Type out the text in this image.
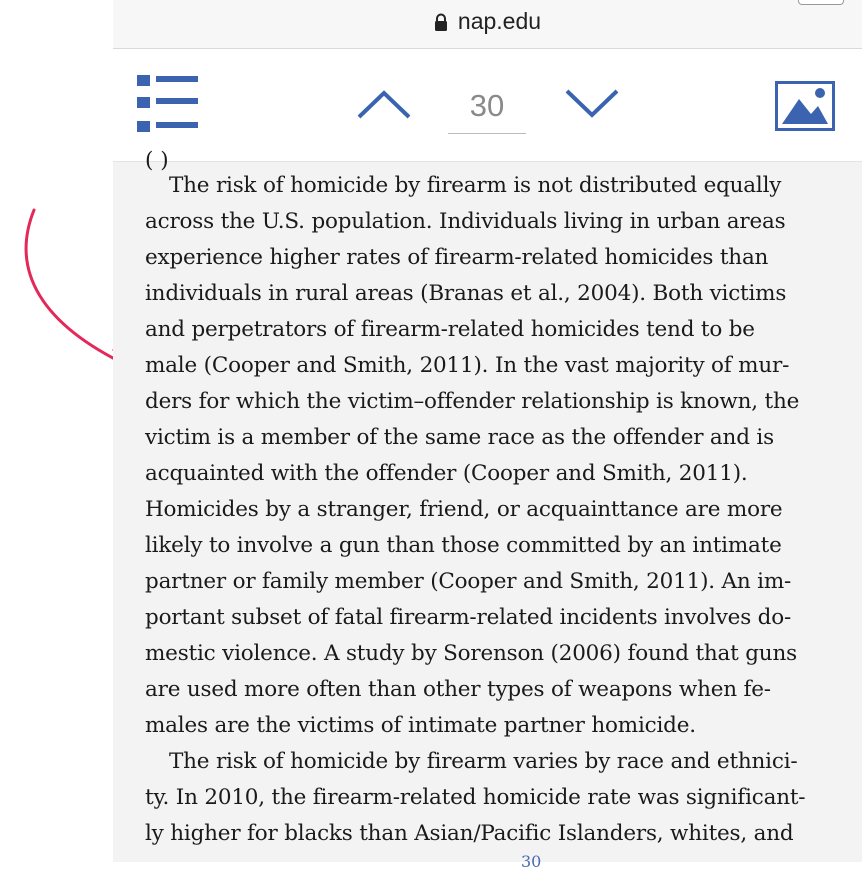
nap.edu
30
( )

The risk of homicide by firearm is not distributed equally
across the U.S. population. Individuals living in urban areas
experience higher rates of firearm-related homicides than
individuals in rural areas (Branas et al., 2004). Both victims
and perpetrators of firearm-related homicides tend to be
male (Cooper and Smith, 2011). In the vast majority of mur-
ders for which the victim–offender relationship is known, the
victim is a member of the same race as the offender and is
acquainted with the offender (Cooper and Smith, 2011).
Homicides by a stranger, friend, or acquainttance are more
likely to involve a gun than those committed by an intimate
partner or family member (Cooper and Smith, 2011). An im-
portant subset of fatal firearm-related incidents involves do-
mestic violence. A study by Sorenson (2006) found that guns
are used more often than other types of weapons when fe-
males are the victims of intimate partner homicide.

The risk of homicide by firearm varies by race and ethnici-
ty. In 2010, the firearm-related homicide rate was significant-
ly higher for blacks than Asian/Pacific Islanders, whites, and

30
